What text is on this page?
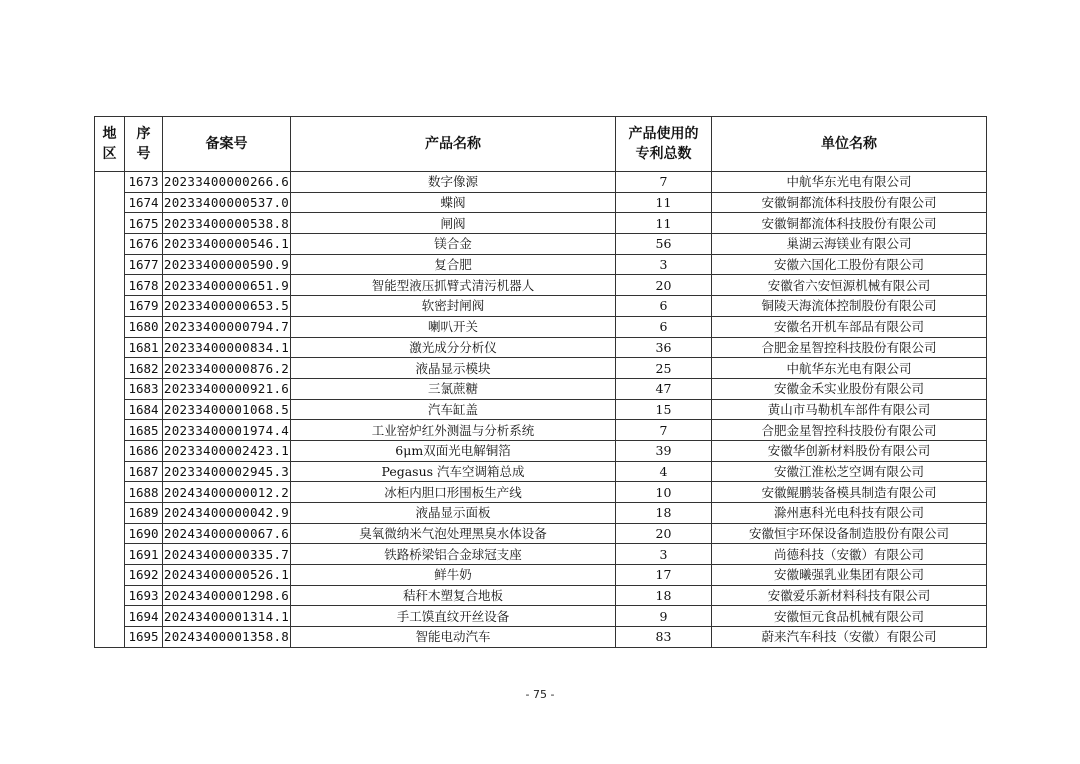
地区	序号	备案号	产品名称	产品使用的专利总数	单位名称
	1673	20233400000266.6	数字像源	7	中航华东光电有限公司
	1674	20233400000537.0	蝶阀	11	安徽铜都流体科技股份有限公司
	1675	20233400000538.8	闸阀	11	安徽铜都流体科技股份有限公司
	1676	20233400000546.1	镁合金	56	巢湖云海镁业有限公司
	1677	20233400000590.9	复合肥	3	安徽六国化工股份有限公司
	1678	20233400000651.9	智能型液压抓臂式清污机器人	20	安徽省六安恒源机械有限公司
	1679	20233400000653.5	软密封闸阀	6	铜陵天海流体控制股份有限公司
	1680	20233400000794.7	喇叭开关	6	安徽名开机车部品有限公司
	1681	20233400000834.1	激光成分分析仪	36	合肥金星智控科技股份有限公司
	1682	20233400000876.2	液晶显示模块	25	中航华东光电有限公司
	1683	20233400000921.6	三氯蔗糖	47	安徽金禾实业股份有限公司
	1684	20233400001068.5	汽车缸盖	15	黄山市马勒机车部件有限公司
	1685	20233400001974.4	工业窑炉红外测温与分析系统	7	合肥金星智控科技股份有限公司
	1686	20233400002423.1	6μm双面光电解铜箔	39	安徽华创新材料股份有限公司
	1687	20233400002945.3	Pegasus 汽车空调箱总成	4	安徽江淮松芝空调有限公司
	1688	20243400000012.2	冰柜内胆口形围板生产线	10	安徽鲲鹏装备模具制造有限公司
	1689	20243400000042.9	液晶显示面板	18	滁州惠科光电科技有限公司
	1690	20243400000067.6	臭氧微纳米气泡处理黑臭水体设备	20	安徽恒宇环保设备制造股份有限公司
	1691	20243400000335.7	铁路桥梁铝合金球冠支座	3	尚德科技（安徽）有限公司
	1692	20243400000526.1	鲜牛奶	17	安徽曦强乳业集团有限公司
	1693	20243400001298.6	秸秆木塑复合地板	18	安徽爱乐新材料科技有限公司
	1694	20243400001314.1	手工馍直纹开丝设备	9	安徽恒元食品机械有限公司
	1695	20243400001358.8	智能电动汽车	83	蔚来汽车科技（安徽）有限公司
- 75 -
